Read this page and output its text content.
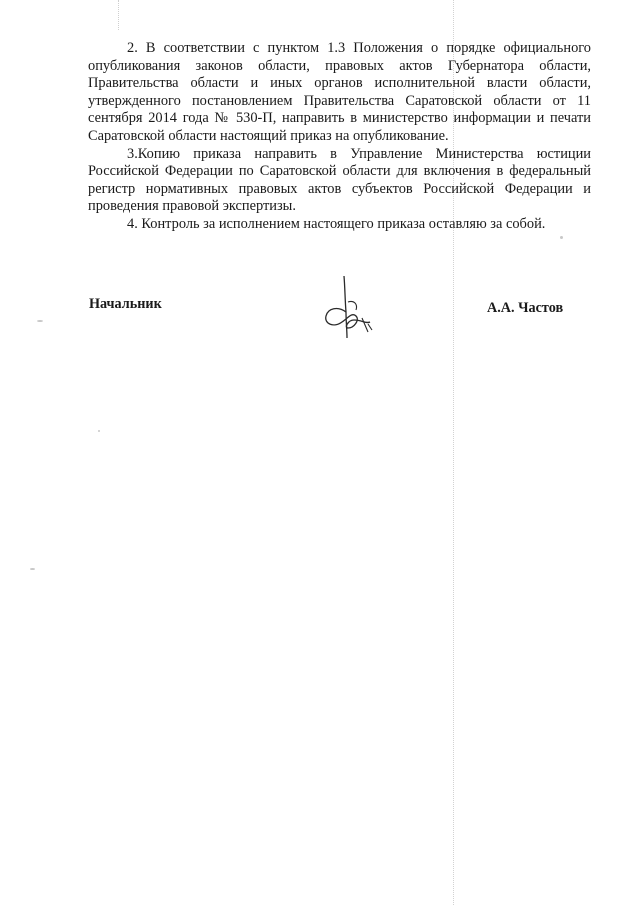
2. В соответствии с пунктом 1.3 Положения о порядке официального опубликования законов области, правовых актов Губернатора области, Правительства области и иных органов исполнительной власти области, утвержденного постановлением Правительства Саратовской области от 11 сентября 2014 года № 530-П, направить в министерство информации и печати Саратовской области настоящий приказ на опубликование.

3.Копию приказа направить в Управление Министерства юстиции Российской Федерации по Саратовской области для включения в федеральный регистр нормативных правовых актов субъектов Российской Федерации и проведения правовой экспертизы.

4. Контроль за исполнением настоящего приказа оставляю за собой.

Начальник	А.А. Частов
